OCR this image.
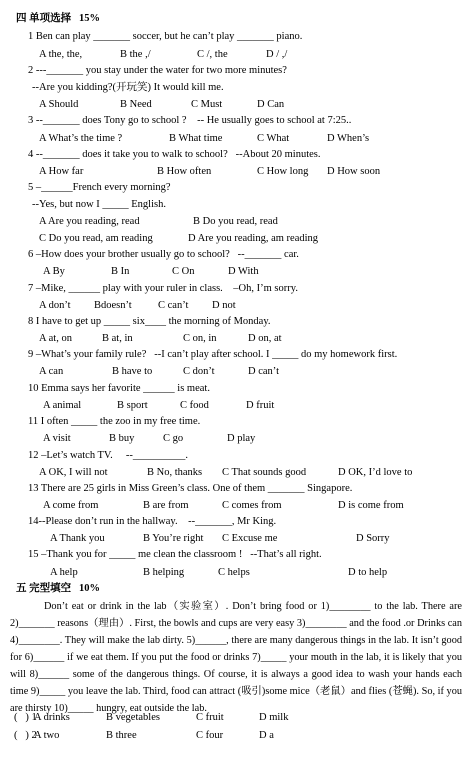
四 单项选择   15%
1 Ben can play _______ soccer, but he can’t play _______ piano.
A the, the,	B the ,/	C /, the	D / ,/
2 ---_______ you stay under the water for two more minutes?
--Are you kidding?(开玩笑) It would kill me.
A Should	B Need	C Must	D Can
3 --_______ does Tony go to school ?    -- He usually goes to school at 7:25..
A What’s the time ?	B What time	C What	D When’s
4 --_______ does it take you to walk to school?   --About 20 minutes.
A How far	B How often	C How long D How soon
5 –______French every morning?
--Yes, but now I _____ English.
A Are you reading, read	B Do you read, read
C Do you read, am reading	D Are you reading, am reading
6 –How does your brother usually go to school?   --_______ car.
A By	B In	C On	D With
7 –Mike, ______ play with your ruler in class.    –Oh, I’m sorry.
A don’t Bdoesn’t	C can’t D not
8 I have to get up _____ six____ the morning of Monday.
A at, on	B at, in	C on, in	D on, at
9 –What’s your family rule?   --I can’t play after school. I _____ do my homework first.
A can	B have to	C don’t	D can’t
10 Emma says her favorite ______ is meat.
A animal	B sport	C food	D fruit
11 I often _____ the zoo in my free time.
A visit	B buy	C go	D play
12 –Let’s watch TV.     --__________.
A OK, I will not	B No, thanks C That sounds good	D OK, I’d love to
13 There are 25 girls in Miss Green’s class. One of them _______ Singapore.
A come from	B are from	C comes from	D is come from
14--Please don’t run in the hallway.    --_______, Mr King.
A Thank you	B You’re right C Excuse me	D Sorry
15 –Thank you for _____ me clean the classroom !   --That’s all right.
A help	B helping	C helps	D to help
五 完型填空   10%
Don’t eat or drink in the lab（实验室）. Don’t bring food or 1)________ to the lab. There are 2)_______ reasons（理由）. First, the bowls and cups are very easy 3)________ and the food .or Drinks can 4)________. They will make the lab dirty. 5)______, there are many dangerous things in the lab. It isn’t good for 6)______ if we eat them. If you put the food or drinks 7)_____ your mouth in the lab, it is likely that you will 8)______ some of the dangerous things. Of course, it is always a good idea to wash your hands each time 9)_____ you leave the lab. Third, food can attract (吸引)some mice（老鼠）and flies (苍蝇). So, if you are thirsty 10)_____ hungry, eat outside the lab.
(   ) 1
A drinks	B vegetables	C fruit	D milk
(   ) 2
A two	B three	C four	D a
